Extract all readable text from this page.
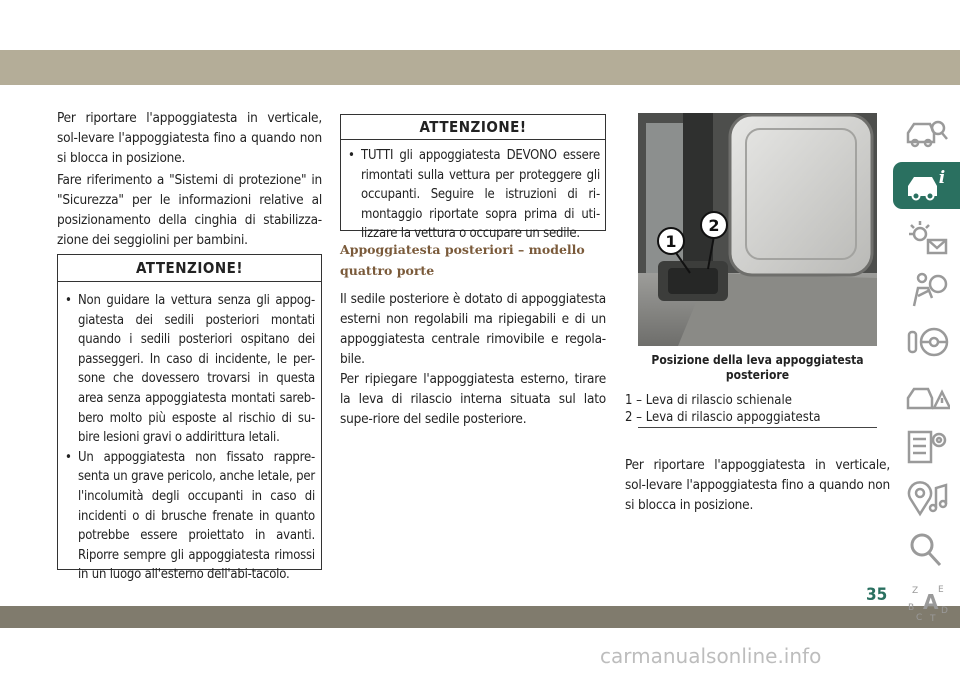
Per riportare l'appoggiatesta in verticale, sol-levare l'appoggiatesta fino a quando non si blocca in posizione.

Fare riferimento a "Sistemi di protezione" in "Sicurezza" per le informazioni relative al posizionamento della cinghia di stabilizza-zione dei seggiolini per bambini.

ATTENZIONE!
• Non guidare la vettura senza gli appog-giatesta dei sedili posteriori montati quando i sedili posteriori ospitano dei passeggeri. In caso di incidente, le per-sone che dovessero trovarsi in questa area senza appoggiatesta montati sareb-bero molto più esposte al rischio di su-bire lesioni gravi o addirittura letali.
• Un appoggiatesta non fissato rappre-senta un grave pericolo, anche letale, per l'incolumità degli occupanti in caso di incidenti o di brusche frenate in quanto potrebbe essere proiettato in avanti. Riporre sempre gli appoggiatesta rimossi in un luogo all'esterno dell'abi-tacolo.
ATTENZIONE!
• TUTTI gli appoggiatesta DEVONO essere rimontati sulla vettura per proteggere gli occupanti. Seguire le istruzioni di ri-montaggio riportate sopra prima di uti-lizzare la vettura o occupare un sedile.

Appoggiatesta posteriori – modello

quattro porte

Il sedile posteriore è dotato di appoggiatesta esterni non regolabili ma ripiegabili e di un appoggiatesta centrale rimovibile e regola-bile.

Per ripiegare l'appoggiatesta esterno, tirare la leva di rilascio interna situata sul lato supe-riore del sedile posteriore.

1
2

Posizione della leva appoggiatesta

posteriore

1 – Leva di rilascio schienale

2 – Leva di rilascio appoggiatesta

Per riportare l'appoggiatesta in verticale, sol-levare l'appoggiatesta fino a quando non si blocca in posizione.

i
Z E
A
B
C T
D
35
carmanualsonline.info
